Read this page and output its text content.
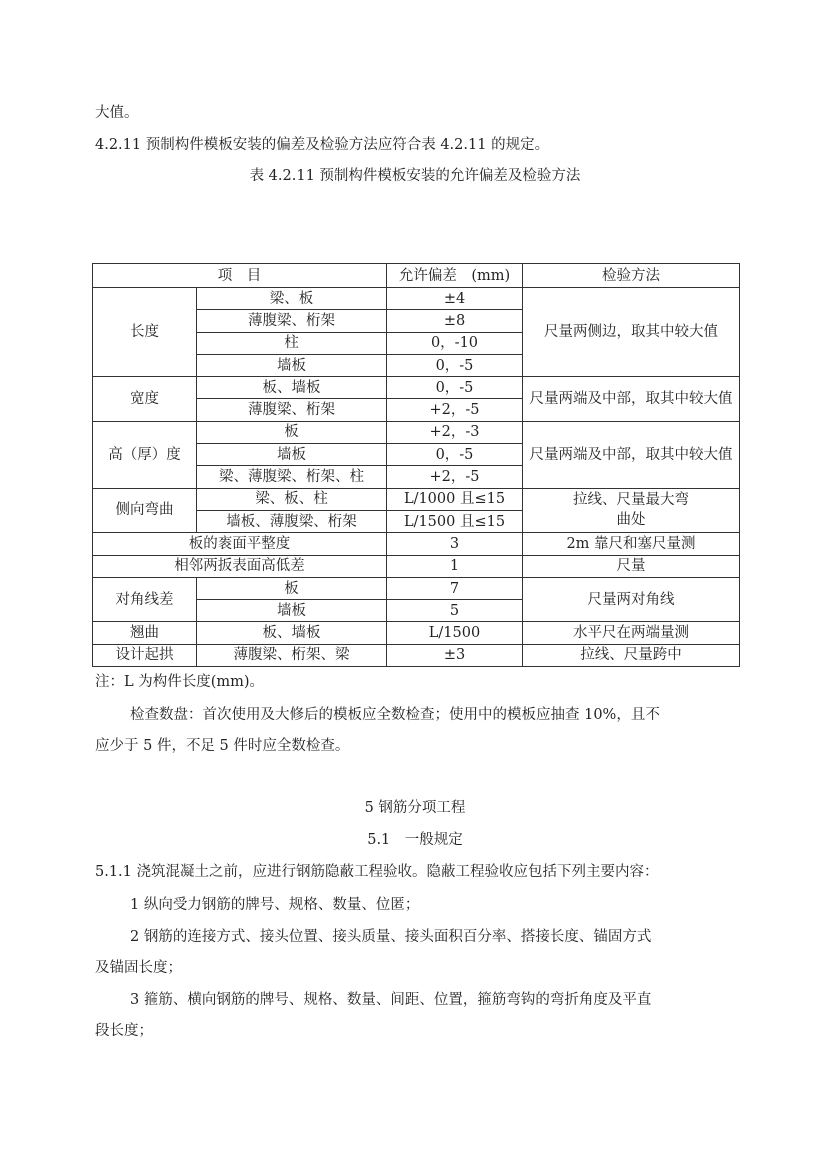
大值。
4.2.11 预制构件模板安装的偏差及检验方法应符合表 4.2.11 的规定。
表 4.2.11 预制构件模板安装的允许偏差及检验方法
项　目		允许偏差　(mm)	检验方法
长度	梁、板	±4	尺量两侧边，取其中较大值
	薄腹梁、桁架	±8	
	柱	0，-10	
	墙板	0，-5	
宽度	板、墙板	0，-5	尺量两端及中部，取其中较大值
	薄腹梁、桁架	+2，-5	
高（厚）度	板	+2，-3	尺量两端及中部，取其中较大值
	墙板	0，-5	
	梁、薄腹梁、桁架、柱	+2，-5	
侧向弯曲	梁、板、柱	L/1000 且≤15	拉线、尺量最大弯曲处
	墙板、薄腹梁、桁架	L/1500 且≤15	
板的袠面平整度		3	2m 靠尺和塞尺量测
相邻两扳表面高低差		1	尺量
对角线差	板	7	尺量两对角线
	墙板	5	
翘曲	板、墙板	L/1500	水平尺在两端量测
设计起拱	薄腹梁、桁架、梁	±3	拉线、尺量跨中
注：L 为构件长度(mm)。
检查数盘：首次使用及大修后的模板应全数检查；使用中的模板应抽查 10%，且不
应少于 5 件，不足 5 件时应全数检查。
5 钢筋分项工程
5.1　一般规定
5.1.1 浇筑混凝土之前，应进行钢筋隐蔽工程验收。隐蔽工程验收应包括下列主要内容：
1 纵向受力钢筋的牌号、规格、数量、位匿；
2 钢筋的连接方式、接头位置、接头质量、接头面积百分率、搭接长度、锚固方式
及锚固长度；
3 箍筋、横向钢筋的牌号、规格、数量、间距、位置，箍筋弯钩的弯折角度及平直
段长度；
